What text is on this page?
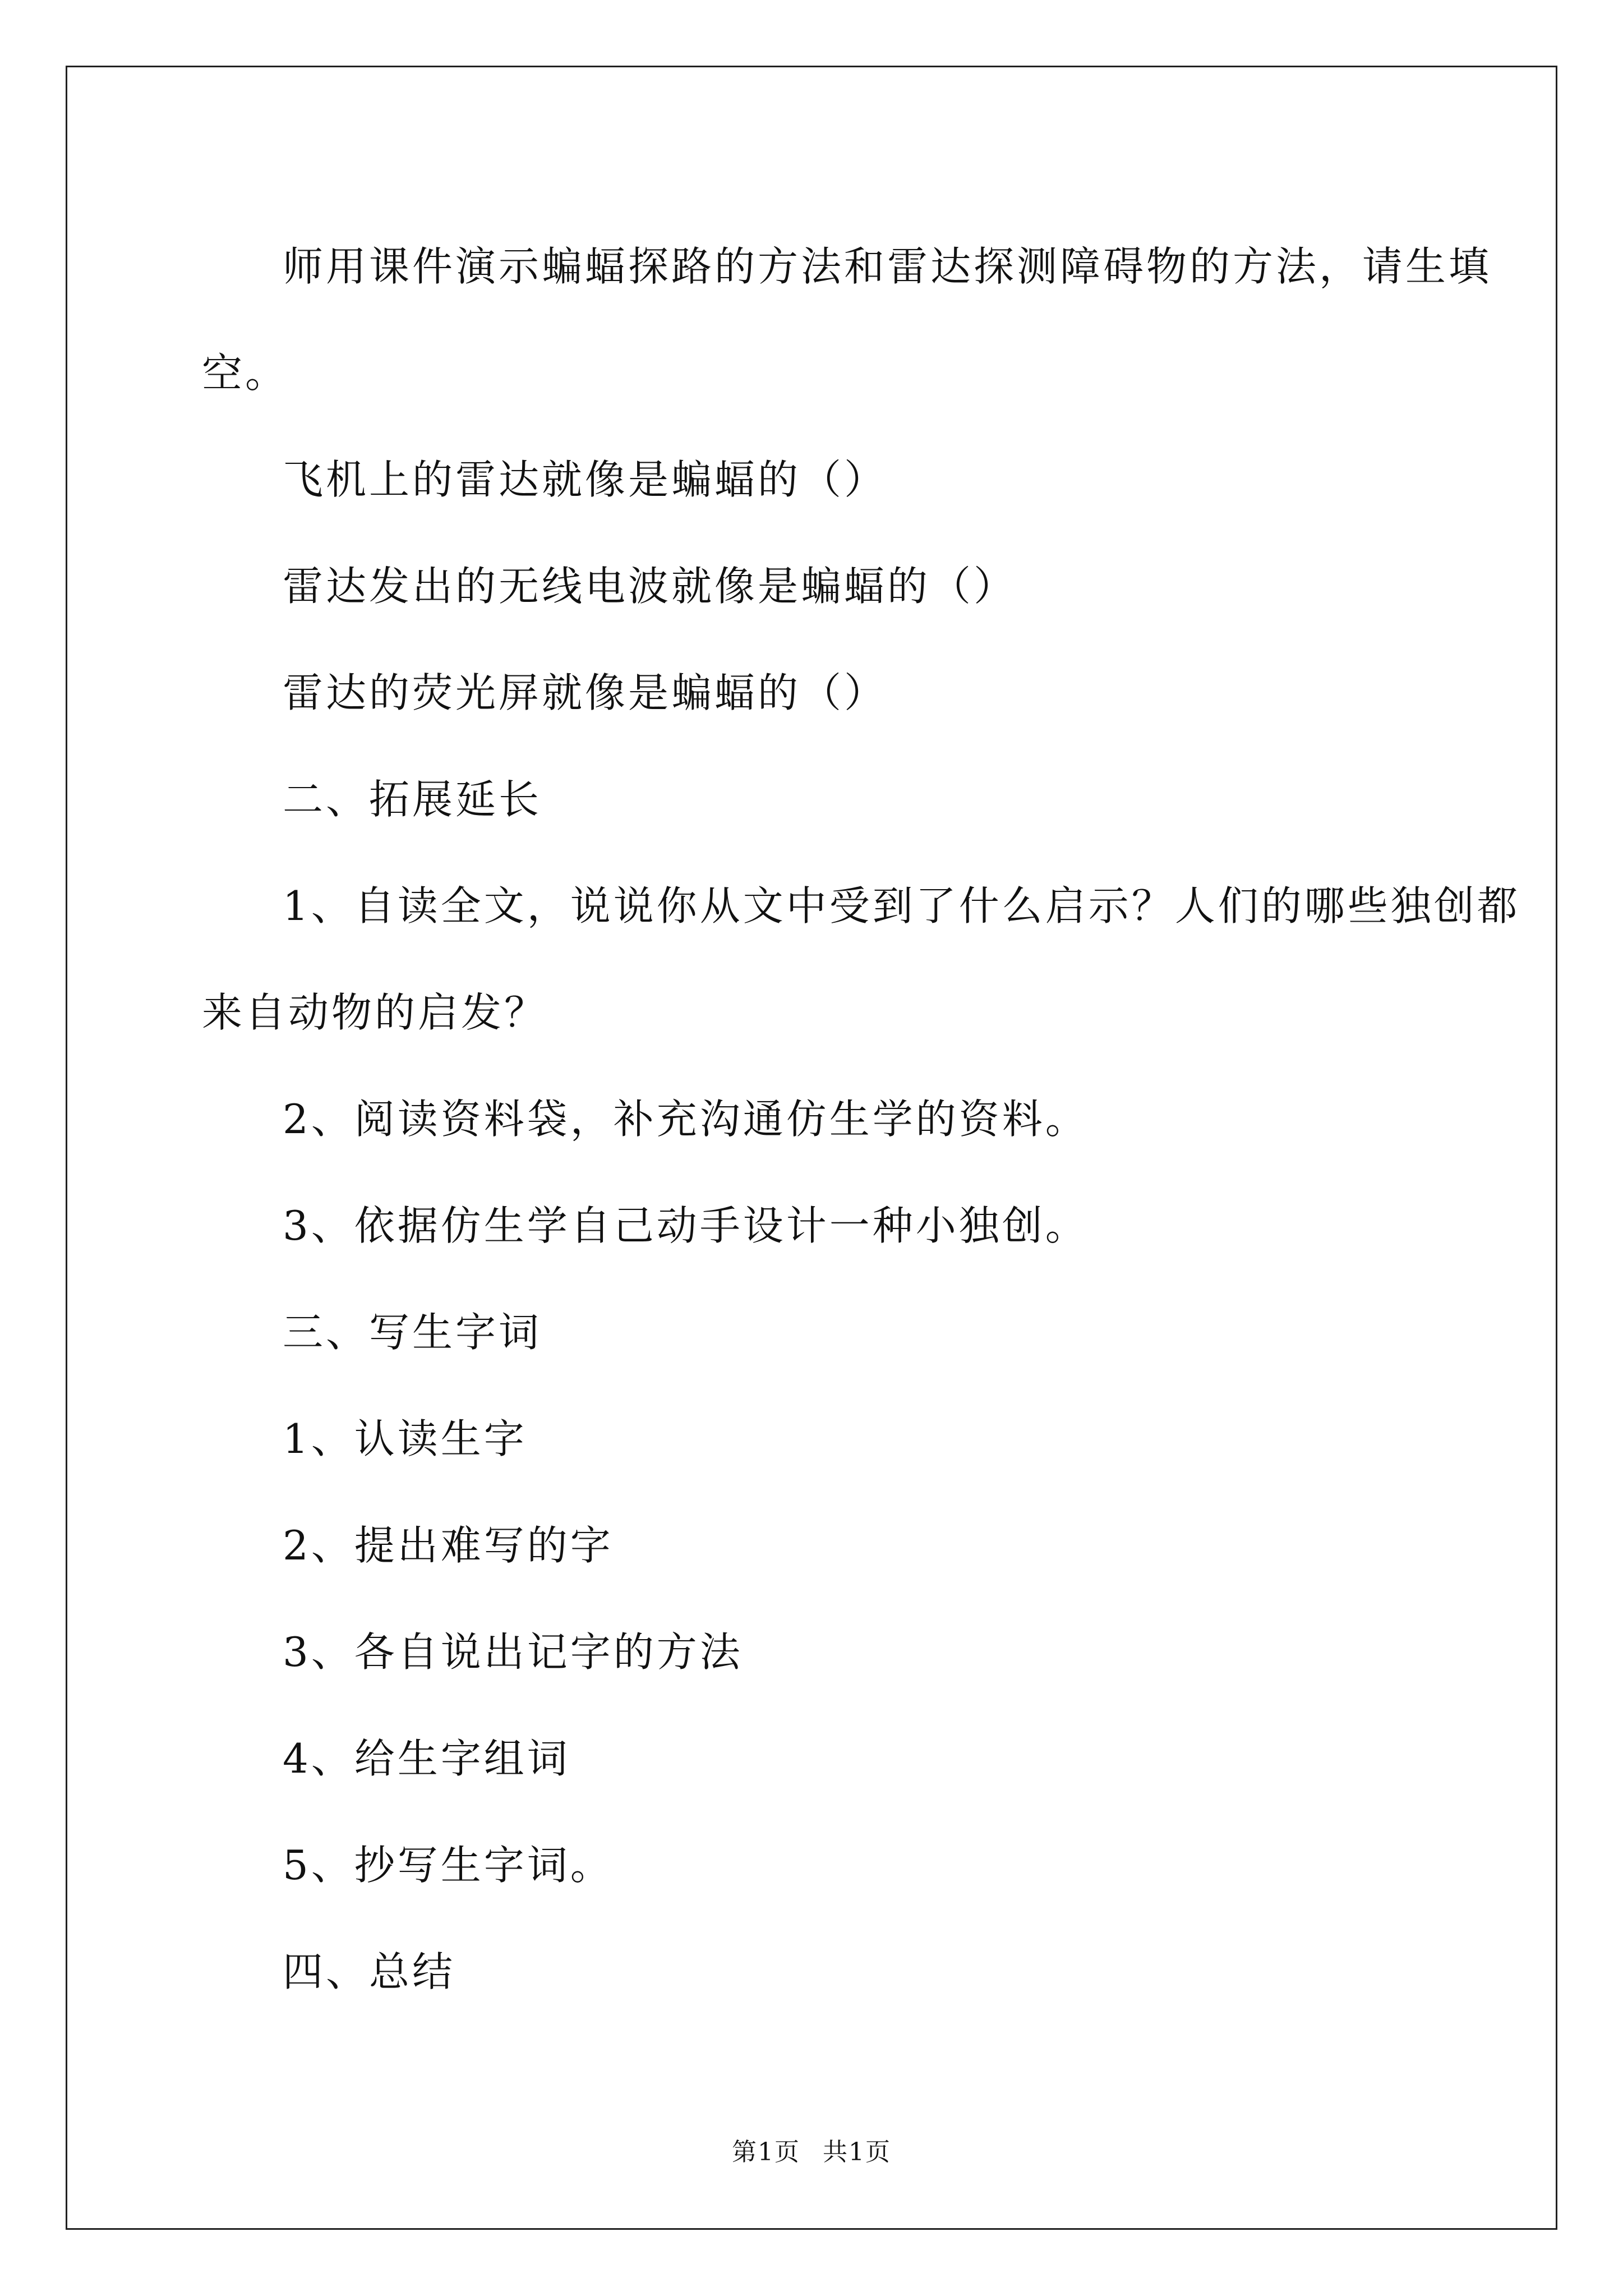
师用课件演示蝙蝠探路的方法和雷达探测障碍物的方法，请生填
空。
飞机上的雷达就像是蝙蝠的（）
雷达发出的无线电波就像是蝙蝠的（）
雷达的荧光屏就像是蝙蝠的（）
二、拓展延长
1、自读全文，说说你从文中受到了什么启示？人们的哪些独创都
来自动物的启发？
2、阅读资料袋，补充沟通仿生学的资料。
3、依据仿生学自己动手设计一种小独创。
三、写生字词
1、认读生字
2、提出难写的字
3、各自说出记字的方法
4、给生字组词
5、抄写生字词。
四、总结
第1页 共1页
